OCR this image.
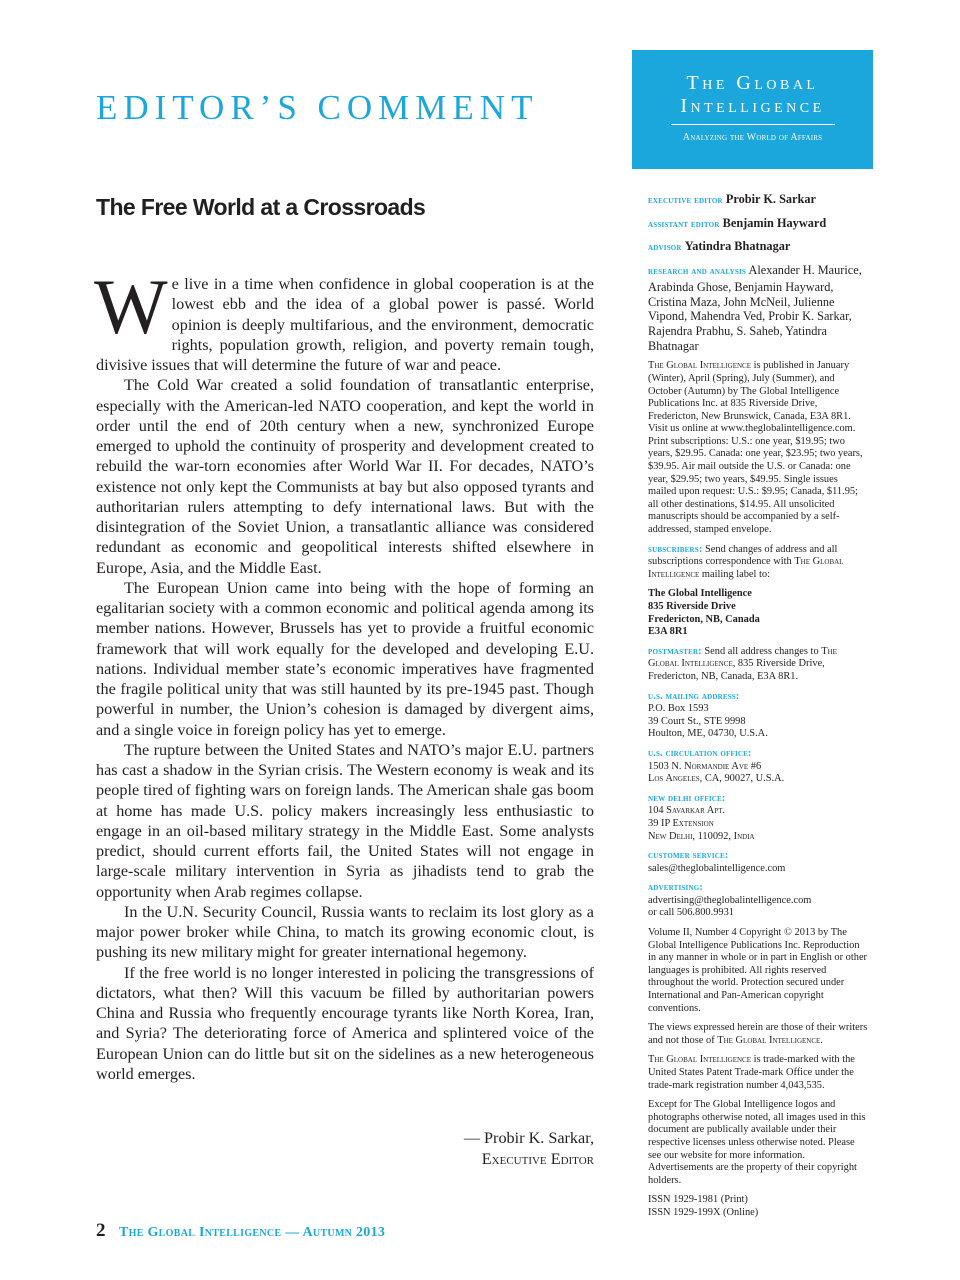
EDITOR’S COMMENT
The Free World at a Crossroads

We live in a time when confidence in global cooperation is at the lowest ebb and the idea of a global power is passé. World opinion is deeply multifarious, and the environment, democratic rights, population growth, religion, and poverty remain tough, divisive issues that will determine the future of war and peace.

The Cold War created a solid foundation of transatlantic enterprise, especially with the American-led NATO cooperation, and kept the world in order until the end of 20th century when a new, synchronized Europe emerged to uphold the continuity of prosperity and development created to rebuild the war-torn economies after World War II. For decades, NATO’s existence not only kept the Communists at bay but also opposed tyrants and authoritarian rulers attempting to defy international laws. But with the disintegration of the Soviet Union, a transatlantic alliance was considered redundant as economic and geopolitical interests shifted elsewhere in Europe, Asia, and the Middle East.

The European Union came into being with the hope of forming an egalitarian society with a common economic and political agenda among its member nations. However, Brussels has yet to provide a fruitful economic framework that will work equally for the developed and developing E.U. nations. Individual member state’s economic imperatives have fragmented the fragile political unity that was still haunted by its pre-1945 past. Though powerful in number, the Union’s cohesion is damaged by divergent aims, and a single voice in foreign policy has yet to emerge.

The rupture between the United States and NATO’s major E.U. partners has cast a shadow in the Syrian crisis. The Western economy is weak and its people tired of fighting wars on foreign lands. The American shale gas boom at home has made U.S. policy makers increasingly less enthusiastic to engage in an oil-based military strategy in the Middle East. Some analysts predict, should current efforts fail, the United States will not engage in large-scale military intervention in Syria as jihadists tend to grab the opportunity when Arab regimes collapse.

In the U.N. Security Council, Russia wants to reclaim its lost glory as a major power broker while China, to match its growing economic clout, is pushing its new military might for greater international hegemony.

If the free world is no longer interested in policing the transgressions of dictators, what then? Will this vacuum be filled by authoritarian powers China and Russia who frequently encourage tyrants like North Korea, Iran, and Syria? The deteriorating force of America and splintered voice of the European Union can do little but sit on the sidelines as a new heterogeneous world emerges.

— Probir K. Sarkar,
Executive Editor
The Global
Intelligence
Analyzing the World of Affairs
executive editor Probir K. Sarkar
assistant editor Benjamin Hayward
advisor Yatindra Bhatnagar
research and analysis Alexander H. Maurice, Arabinda Ghose, Benjamin Hayward, Cristina Maza, John McNeil, Julienne Vipond, Mahendra Ved, Probir K. Sarkar, Rajendra Prabhu, S. Saheb, Yatindra Bhatnagar
The Global Intelligence is published in January (Winter), April (Spring), July (Summer), and October (Autumn) by The Global Intelligence Publications Inc. at 835 Riverside Drive, Fredericton, New Brunswick, Canada, E3A 8R1. Visit us online at www.theglobalintelligence.com. Print subscriptions: U.S.: one year, $19.95; two years, $29.95. Canada: one year, $23.95; two years, $39.95. Air mail outside the U.S. or Canada: one year, $29.95; two years, $49.95. Single issues mailed upon request: U.S.: $9.95; Canada, $11.95; all other destinations, $14.95. All unsolicited manuscripts should be accompanied by a self-addressed, stamped envelope.
subscribers: Send changes of address and all subscriptions correspondence with The Global Intelligence mailing label to:
The Global Intelligence
835 Riverside Drive
Fredericton, NB, Canada
E3A 8R1
postmaster: Send all address changes to The Global Intelligence, 835 Riverside Drive, Fredericton, NB, Canada, E3A 8R1.
u.s. mailing address:
P.O. Box 1593
39 Court St., STE 9998
Houlton, ME, 04730, U.S.A.
u.s. circulation office:
1503 N. Normandie Ave #6
Los Angeles, CA, 90027, U.S.A.
new delhi office:
104 Savarkar Apt.
39 IP Extension
New Delhi, 110092, India
customer service:
sales@theglobalintelligence.com
advertising:
advertising@theglobalintelligence.com
or call 506.800.9931
Volume II, Number 4 Copyright © 2013 by The Global Intelligence Publications Inc. Reproduction in any manner in whole or in part in English or other languages is prohibited. All rights reserved throughout the world. Protection secured under International and Pan-American copyright conventions.
The views expressed herein are those of their writers and not those of The Global Intelligence.
The Global Intelligence is trade-marked with the United States Patent Trade-mark Office under the trade-mark registration number 4,043,535.
Except for The Global Intelligence logos and photographs otherwise noted, all images used in this document are publically available under their respective licenses unless otherwise noted. Please see our website for more information. Advertisements are the property of their copyright holders.
ISSN 1929-1981 (Print)
ISSN 1929-199X (Online)
2 The Global Intelligence — Autumn 2013
